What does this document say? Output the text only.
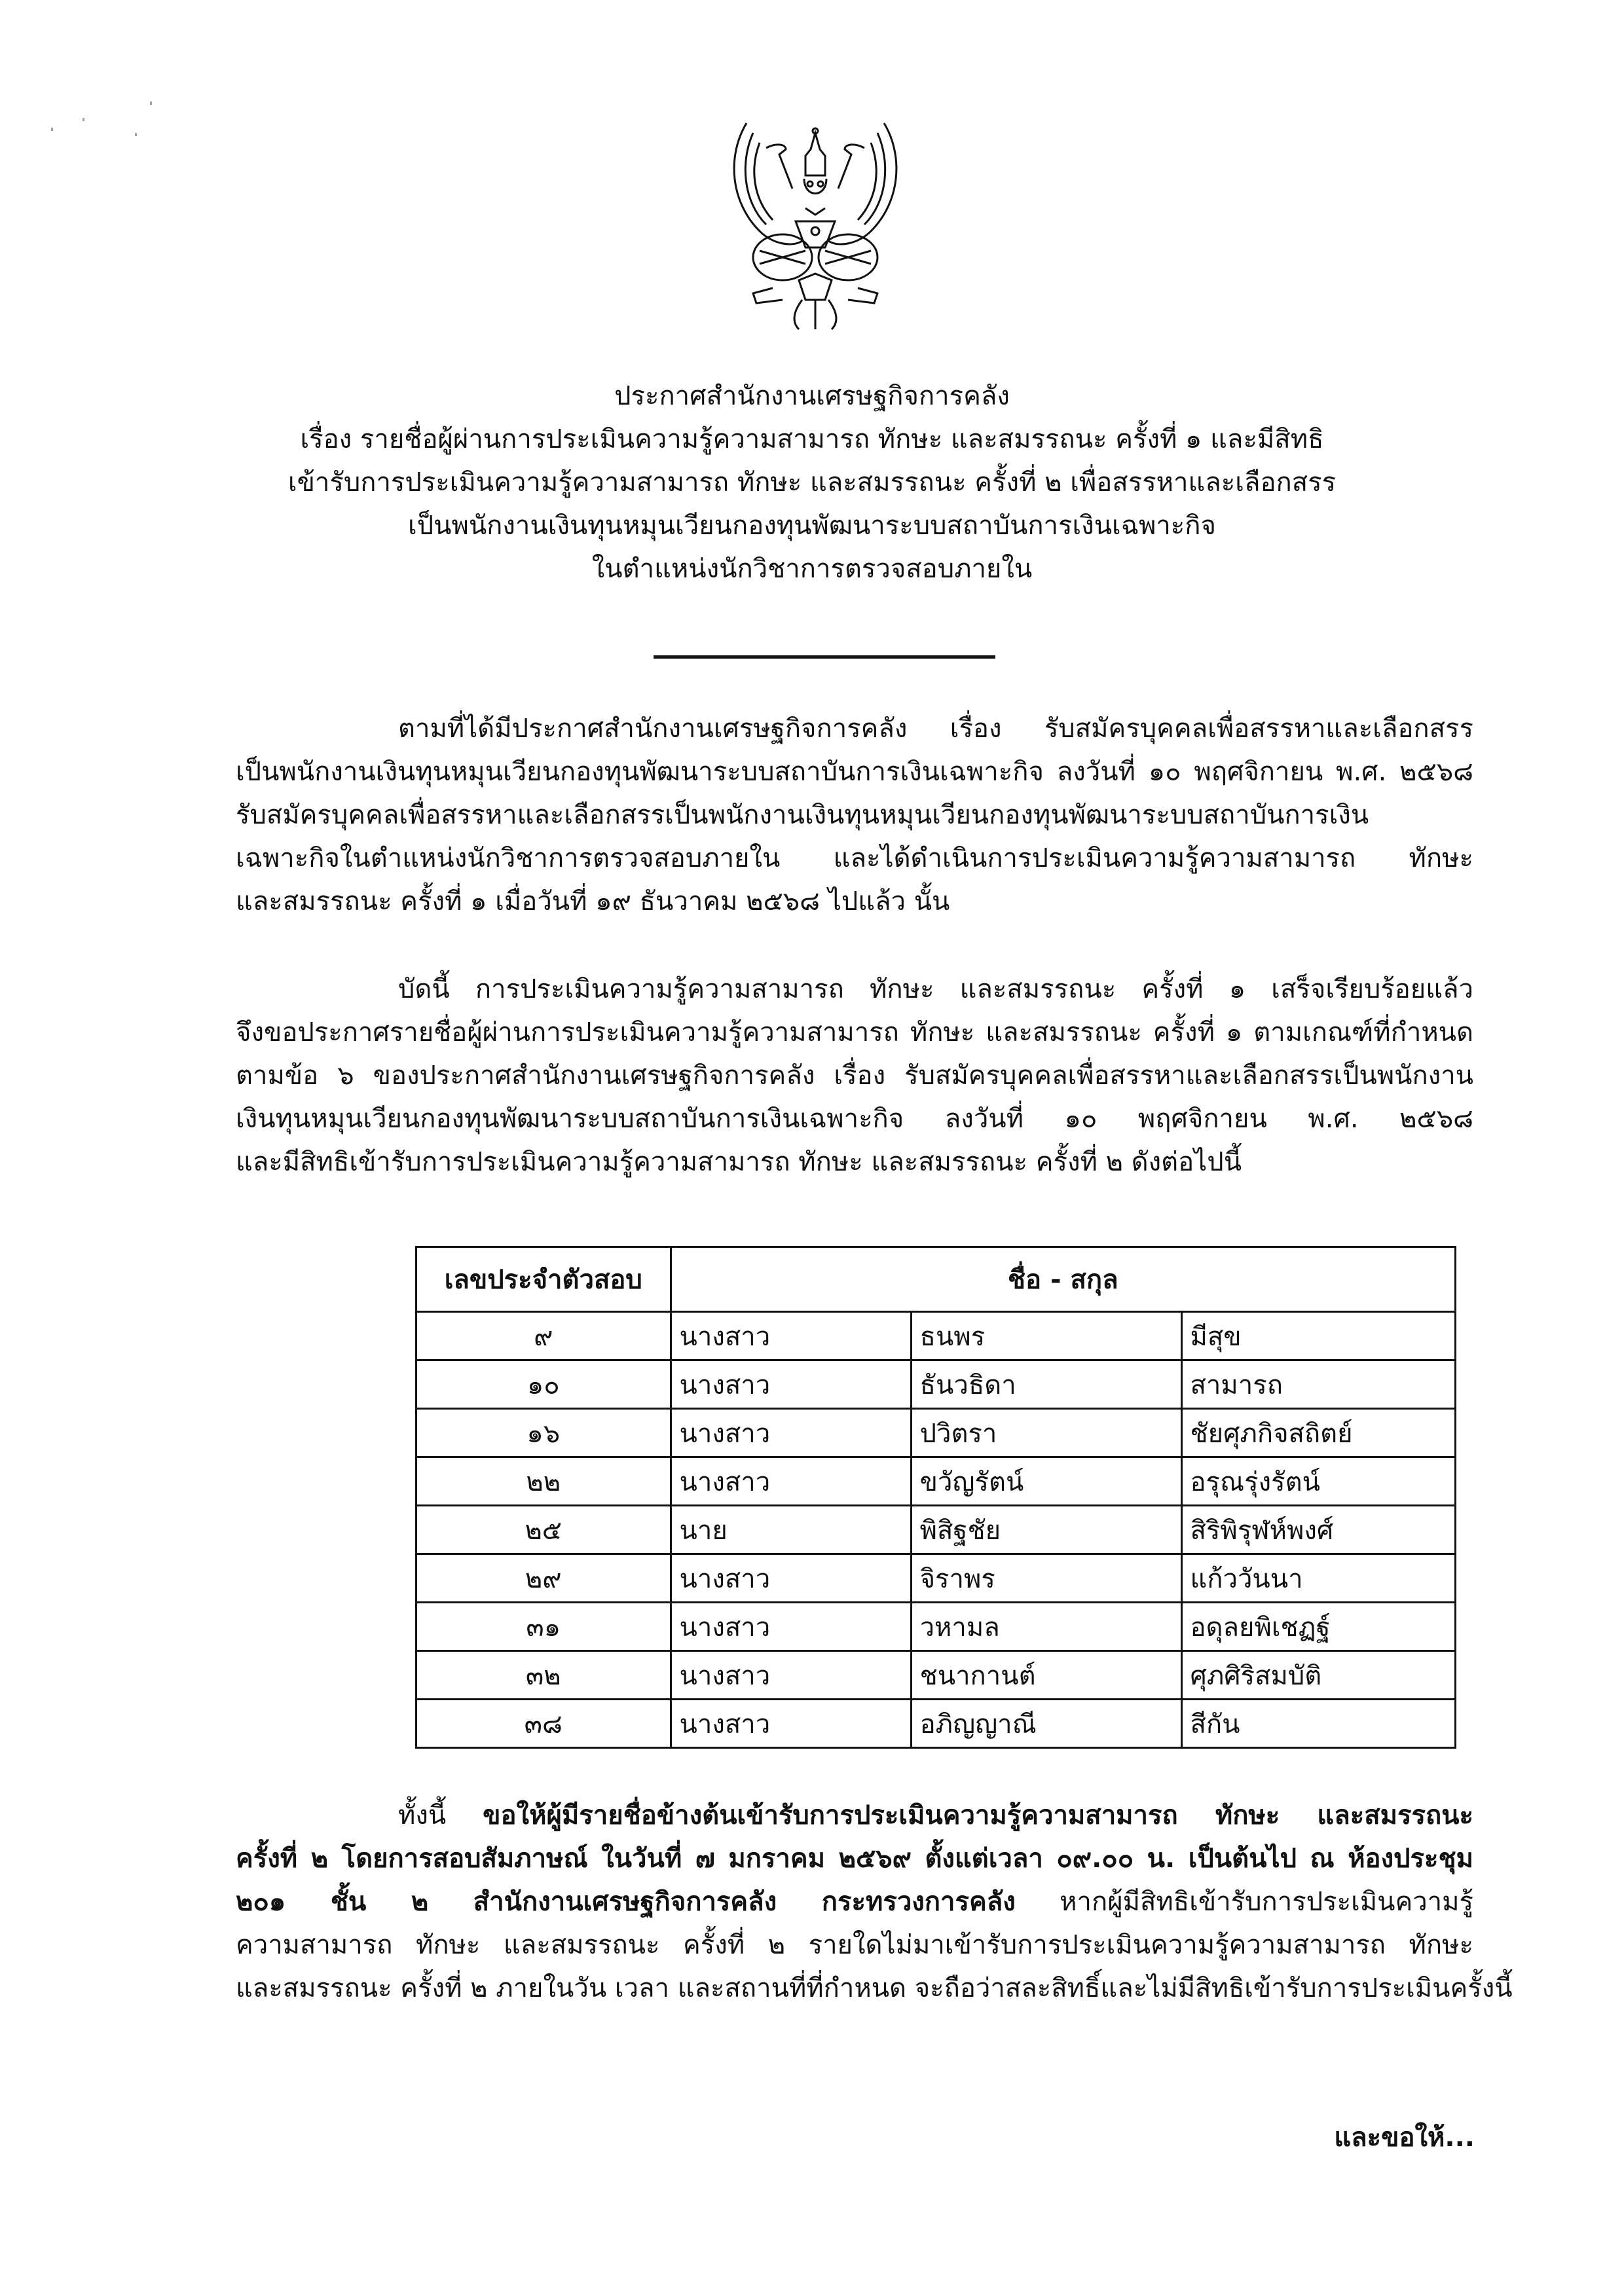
ประกาศสำนักงานเศรษฐกิจการคลัง
เรื่อง รายชื่อผู้ผ่านการประเมินความรู้ความสามารถ ทักษะ และสมรรถนะ ครั้งที่ ๑ และมีสิทธิ
เข้ารับการประเมินความรู้ความสามารถ ทักษะ และสมรรถนะ ครั้งที่ ๒ เพื่อสรรหาและเลือกสรร
เป็นพนักงานเงินทุนหมุนเวียนกองทุนพัฒนาระบบสถาบันการเงินเฉพาะกิจ
ในตำแหน่งนักวิชาการตรวจสอบภายใน
ตามที่ได้มีประกาศสำนักงานเศรษฐกิจการคลัง เรื่อง รับสมัครบุคคลเพื่อสรรหาและเลือกสรร
เป็นพนักงานเงินทุนหมุนเวียนกองทุนพัฒนาระบบสถาบันการเงินเฉพาะกิจ ลงวันที่ ๑๐ พฤศจิกายน พ.ศ. ๒๕๖๘
รับสมัครบุคคลเพื่อสรรหาและเลือกสรรเป็นพนักงานเงินทุนหมุนเวียนกองทุนพัฒนาระบบสถาบันการเงิน
เฉพาะกิจในตำแหน่งนักวิชาการตรวจสอบภายใน และได้ดำเนินการประเมินความรู้ความสามารถ ทักษะ
และสมรรถนะ ครั้งที่ ๑ เมื่อวันที่ ๑๙ ธันวาคม ๒๕๖๘ ไปแล้ว นั้น
บัดนี้ การประเมินความรู้ความสามารถ ทักษะ และสมรรถนะ ครั้งที่ ๑ เสร็จเรียบร้อยแล้ว
จึงขอประกาศรายชื่อผู้ผ่านการประเมินความรู้ความสามารถ ทักษะ และสมรรถนะ ครั้งที่ ๑ ตามเกณฑ์ที่กำหนด
ตามข้อ ๖ ของประกาศสำนักงานเศรษฐกิจการคลัง เรื่อง รับสมัครบุคคลเพื่อสรรหาและเลือกสรรเป็นพนักงาน
เงินทุนหมุนเวียนกองทุนพัฒนาระบบสถาบันการเงินเฉพาะกิจ ลงวันที่ ๑๐ พฤศจิกายน พ.ศ. ๒๕๖๘
และมีสิทธิเข้ารับการประเมินความรู้ความสามารถ ทักษะ และสมรรถนะ ครั้งที่ ๒ ดังต่อไปนี้
เลขประจำตัวสอบ	ชื่อ - สกุล		
๙	นางสาว	ธนพร	มีสุข
๑๐	นางสาว	ธันวธิดา	สามารถ
๑๖	นางสาว	ปวิตรา	ชัยศุภกิจสถิตย์
๒๒	นางสาว	ขวัญรัตน์	อรุณรุ่งรัตน์
๒๕	นาย	พิสิฐชัย	สิริพิรุฬห์พงศ์
๒๙	นางสาว	จิราพร	แก้ววันนา
๓๑	นางสาว	วหามล	อดุลยพิเชฏฐ์
๓๒	นางสาว	ชนากานต์	ศุภศิริสมบัติ
๓๘	นางสาว	อภิญญาณี	สีกัน
ทั้งนี้ ขอให้ผู้มีรายชื่อข้างต้นเข้ารับการประเมินความรู้ความสามารถ ทักษะ และสมรรถนะ
ครั้งที่ ๒ โดยการสอบสัมภาษณ์ ในวันที่ ๗ มกราคม ๒๕๖๙ ตั้งแต่เวลา ๐๙.๐๐ น. เป็นต้นไป ณ ห้องประชุม
๒๐๑ ชั้น ๒ สำนักงานเศรษฐกิจการคลัง กระทรวงการคลัง หากผู้มีสิทธิเข้ารับการประเมินความรู้
ความสามารถ ทักษะ และสมรรถนะ ครั้งที่ ๒ รายใดไม่มาเข้ารับการประเมินความรู้ความสามารถ ทักษะ
และสมรรถนะ ครั้งที่ ๒ ภายในวัน เวลา และสถานที่ที่กำหนด จะถือว่าสละสิทธิ์และไม่มีสิทธิเข้ารับการประเมินครั้งนี้
และขอให้...
